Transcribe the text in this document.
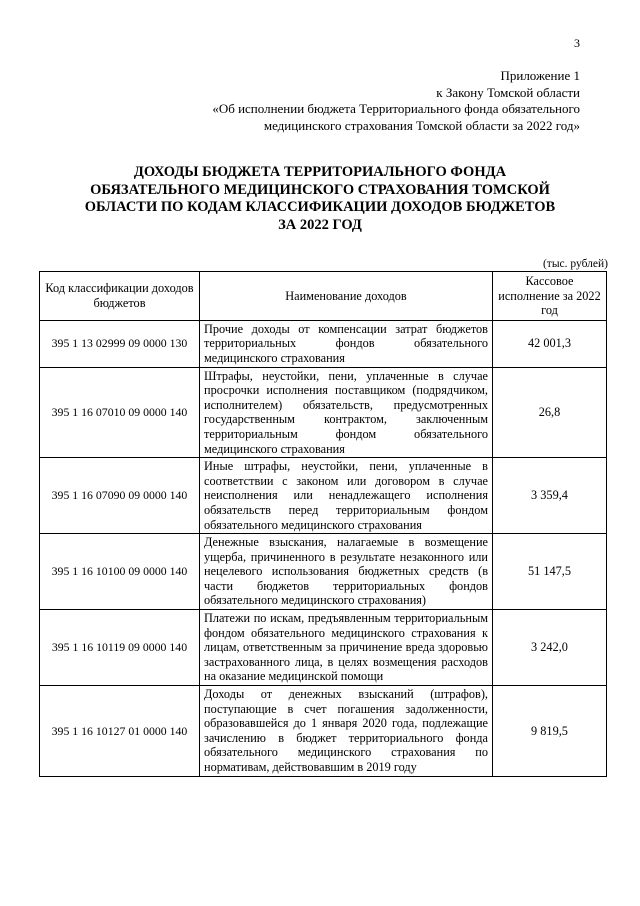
3
Приложение 1
к Закону Томской области
«Об исполнении бюджета Территориального фонда обязательного
медицинского страхования Томской области за 2022 год»
ДОХОДЫ БЮДЖЕТА ТЕРРИТОРИАЛЬНОГО ФОНДА
ОБЯЗАТЕЛЬНОГО МЕДИЦИНСКОГО СТРАХОВАНИЯ ТОМСКОЙ
ОБЛАСТИ ПО КОДАМ КЛАССИФИКАЦИИ ДОХОДОВ БЮДЖЕТОВ
ЗА 2022 ГОД
(тыс. рублей)
Код классификации доходов бюджетов	Наименование доходов	Кассовое исполнение за 2022 год
395 1 13 02999 09 0000 130	Прочие доходы от компенсации затрат бюджетов территориальных фондов обязательного медицинского страхования	42 001,3
395 1 16 07010 09 0000 140	Штрафы, неустойки, пени, уплаченные в случае просрочки исполнения поставщиком (подрядчиком, исполнителем) обязательств, предусмотренных государственным контрактом, заключенным территориальным фондом обязательного медицинского страхования	26,8
395 1 16 07090 09 0000 140	Иные штрафы, неустойки, пени, уплаченные в соответствии с законом или договором в случае неисполнения или ненадлежащего исполнения обязательств перед территориальным фондом обязательного медицинского страхования	3 359,4
395 1 16 10100 09 0000 140	Денежные взыскания, налагаемые в возмещение ущерба, причиненного в результате незаконного или нецелевого использования бюджетных средств (в части бюджетов территориальных фондов обязательного медицинского страхования)	51 147,5
395 1 16 10119 09 0000 140	Платежи по искам, предъявленным территориальным фондом обязательного медицинского страхования к лицам, ответственным за причинение вреда здоровью застрахованного лица, в целях возмещения расходов на оказание медицинской помощи	3 242,0
395 1 16 10127 01 0000 140	Доходы от денежных взысканий (штрафов), поступающие в счет погашения задолженности, образовавшейся до 1 января 2020 года, подлежащие зачислению в бюджет территориального фонда обязательного медицинского страхования по нормативам, действовавшим в 2019 году	9 819,5
